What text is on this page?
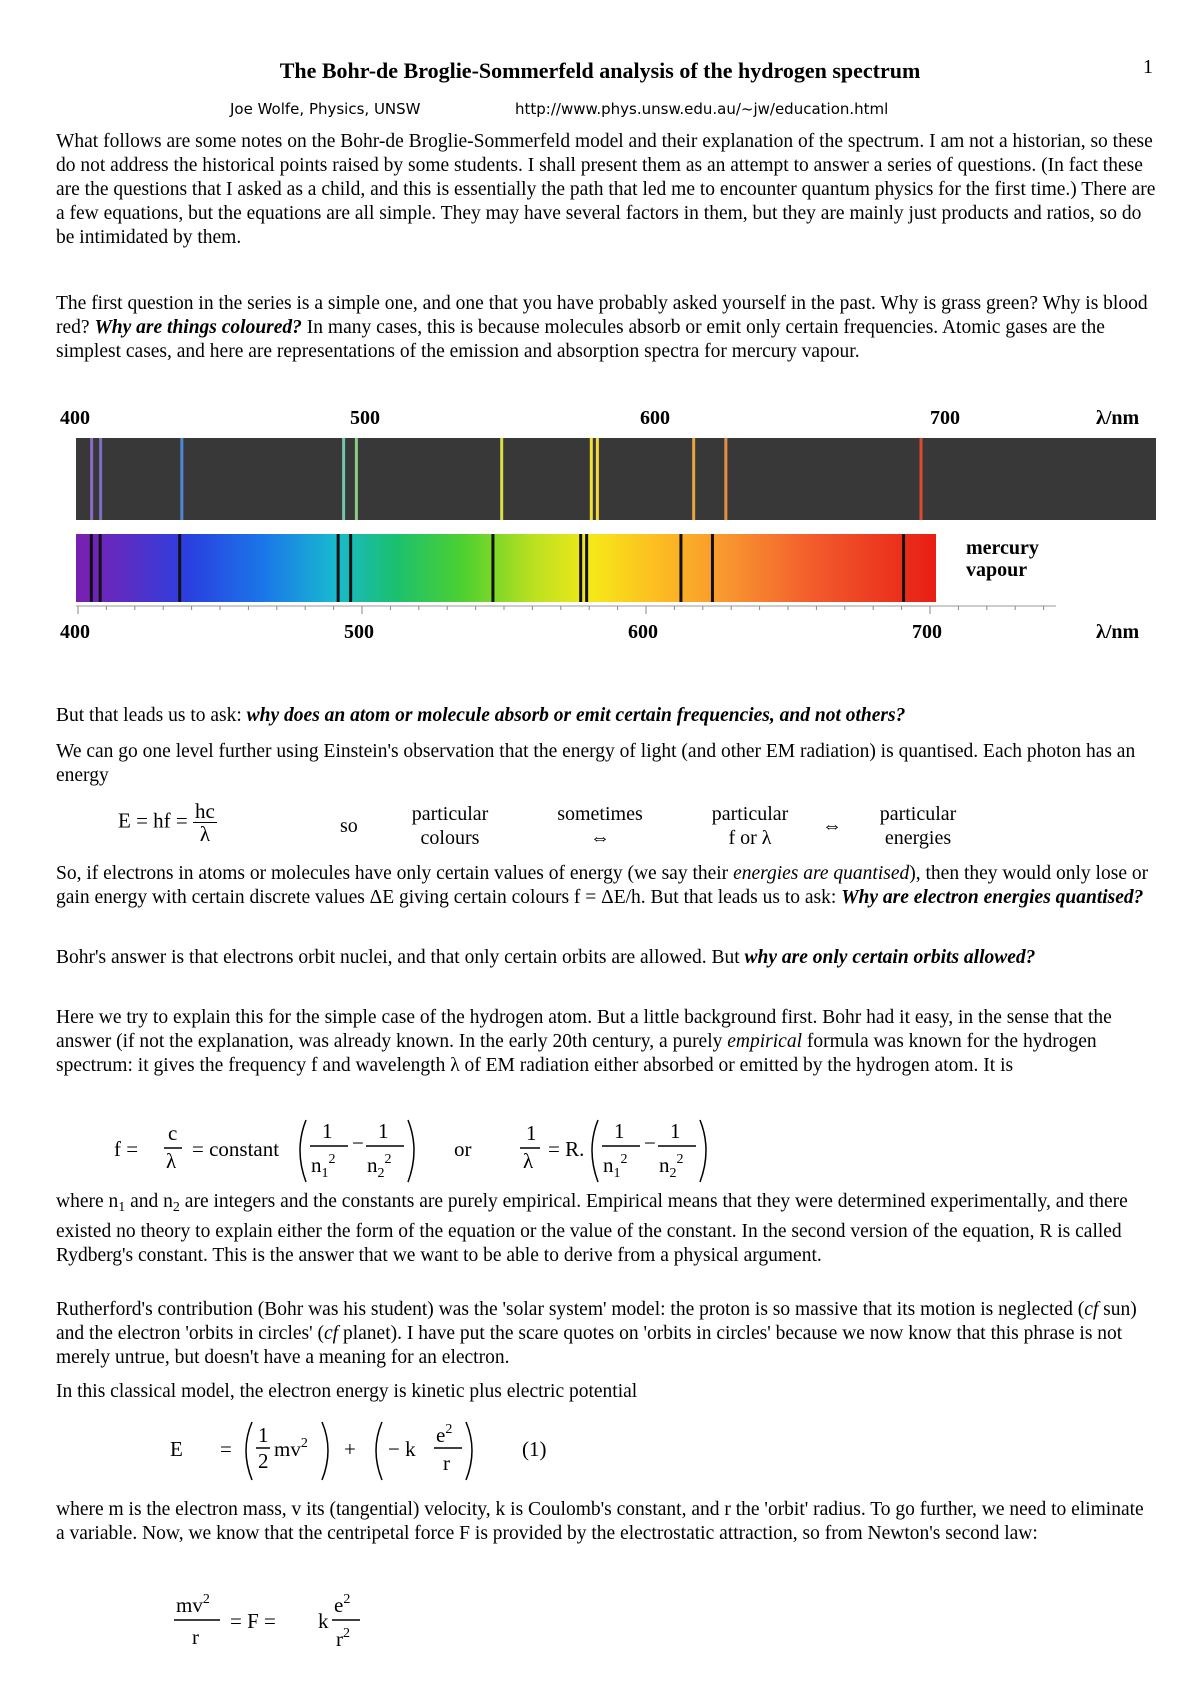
The Bohr-de Broglie-Sommerfeld analysis of the hydrogen spectrum	1
Joe Wolfe, Physics, UNSW	http://www.phys.unsw.edu.au/~jw/education.html
What follows are some notes on the Bohr-de Broglie-Sommerfeld model and their explanation of the spectrum. I am not a historian, so these do not address the historical points raised by some students. I shall present them as an attempt to answer a series of questions. (In fact these are the questions that I asked as a child, and this is essentially the path that led me to encounter quantum physics for the first time.) There are a few equations, but the equations are all simple. They may have several factors in them, but they are mainly just products and ratios, so do be intimidated by them.
The first question in the series is a simple one, and one that you have probably asked yourself in the past. Why is grass green? Why is blood red? Why are things coloured? In many cases, this is because molecules absorb or emit only certain frequencies. Atomic gases are the simplest cases, and here are representations of the emission and absorption spectra for mercury vapour.
400	500	600	700	λ/nm
mercury
vapour
400	500	600	700	λ/nm
But that leads us to ask: why does an atom or molecule absorb or emit certain frequencies, and not others?
We can go one level further using Einstein's observation that the energy of light (and other EM radiation) is quantised. Each photon has an energy
E = hf = $\frac{hc}{\lambda}$	so
particular
colours
sometimes
⇔
particular
f or λ
⇔
particular
energies
So, if electrons in atoms or molecules have only certain values of energy (we say their energies are quantised), then they would only lose or gain energy with certain discrete values ΔE giving certain colours f = ΔE/h. But that leads us to ask: Why are electron energies quantised?
Bohr's answer is that electrons orbit nuclei, and that only certain orbits are allowed. But why are only certain orbits allowed?
Here we try to explain this for the simple case of the hydrogen atom. But a little background first. Bohr had it easy, in the sense that the answer (if not the explanation, was already known. In the early 20th century, a purely empirical formula was known for the hydrogen spectrum: it gives the frequency f and wavelength λ of EM radiation either absorbed or emitted by the hydrogen atom. It is
f =
c
λ = constant
1
$n_1^2$
− 1
$n_2^2$	or
1
λ = R.
1
$n_1^2$
− 1
$n_2^2$
where $n_1$ and $n_2$ are integers and the constants are purely empirical. Empirical means that they were determined experimentally, and there existed no theory to explain either the form of the equation or the value of the constant. In the second version of the equation, R is called Rydberg's constant. This is the answer that we want to be able to derive from a physical argument.
Rutherford's contribution (Bohr was his student) was the 'solar system' model: the proton is so massive that its motion is neglected (cf sun) and the electron 'orbits in circles' (cf planet). I have put the scare quotes on 'orbits in circles' because we now know that this phrase is not merely untrue, but doesn't have a meaning for an electron.
In this classical model, the electron energy is kinetic plus electric potential
E =
1
2 $mv^2$ + − k
$e^2$
r
(1)
where m is the electron mass, v its (tangential) velocity, k is Coulomb's constant, and r the 'orbit' radius. To go further, we need to eliminate a variable. Now, we know that the centripetal force F is provided by the electrostatic attraction, so from Newton's second law:
$mv^2$
r
= F = k
$e^2$
$r^2$
